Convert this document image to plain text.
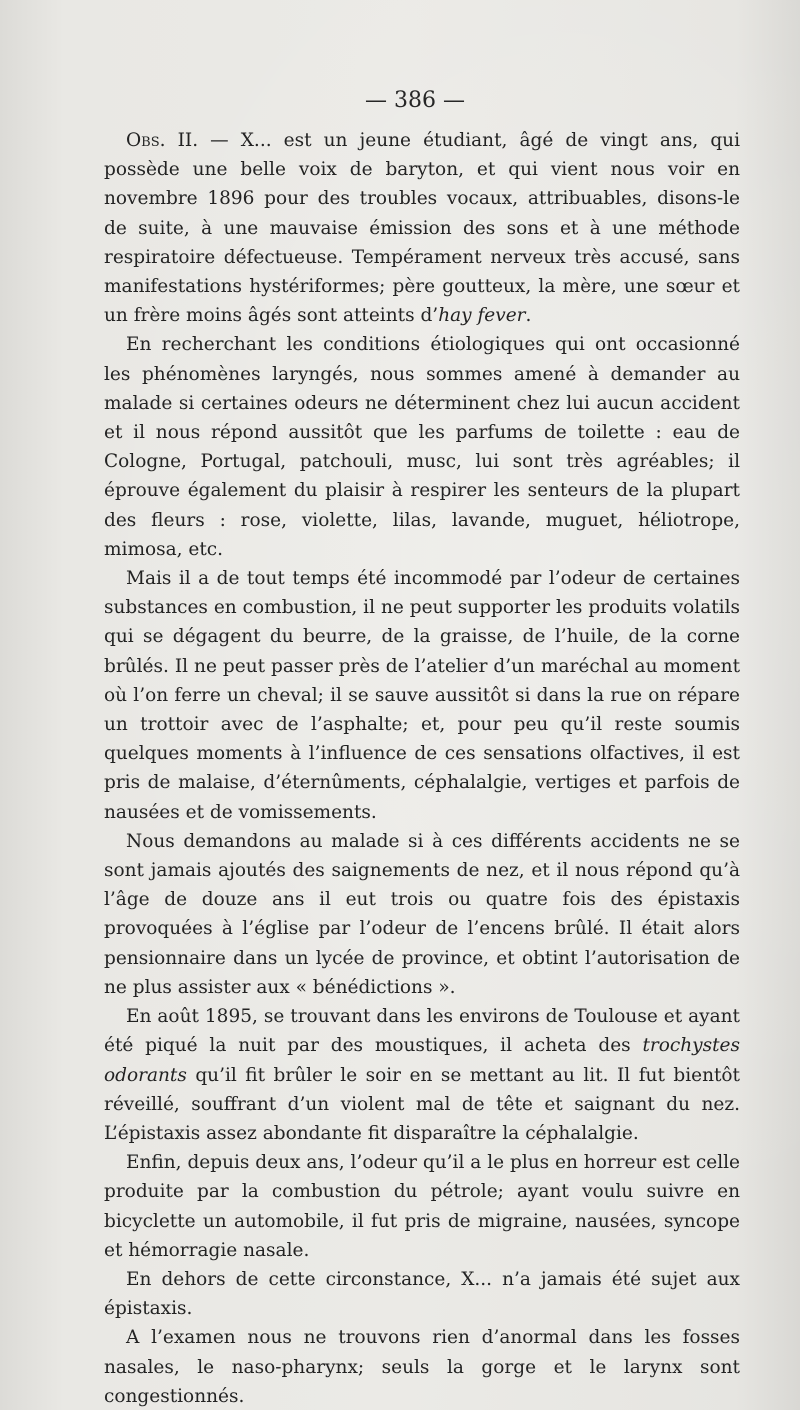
— 386 —

Obs. II. — X... est un jeune étudiant, âgé de vingt ans, qui possède une belle voix de baryton, et qui vient nous voir en novembre 1896 pour des troubles vocaux, attribuables, disons-le de suite, à une mauvaise émission des sons et à une méthode respiratoire défectueuse. Tempérament nerveux très accusé, sans manifestations hystériformes; père goutteux, la mère, une sœur et un frère moins âgés sont atteints d’hay fever.

En recherchant les conditions étiologiques qui ont occasionné les phénomènes laryngés, nous sommes amené à demander au malade si certaines odeurs ne déterminent chez lui aucun accident et il nous répond aussitôt que les parfums de toilette : eau de Cologne, Portugal, patchouli, musc, lui sont très agréables; il éprouve également du plaisir à respirer les senteurs de la plupart des fleurs : rose, violette, lilas, lavande, muguet, héliotrope, mimosa, etc.

Mais il a de tout temps été incommodé par l’odeur de certaines substances en combustion, il ne peut supporter les produits volatils qui se dégagent du beurre, de la graisse, de l’huile, de la corne brûlés. Il ne peut passer près de l’atelier d’un maréchal au moment où l’on ferre un cheval; il se sauve aussitôt si dans la rue on répare un trottoir avec de l’asphalte; et, pour peu qu’il reste soumis quelques moments à l’influence de ces sensations olfactives, il est pris de malaise, d’éternûments, céphalalgie, vertiges et parfois de nausées et de vomissements.

Nous demandons au malade si à ces différents accidents ne se sont jamais ajoutés des saignements de nez, et il nous répond qu’à l’âge de douze ans il eut trois ou quatre fois des épistaxis provoquées à l’église par l’odeur de l’encens brûlé. Il était alors pensionnaire dans un lycée de province, et obtint l’autorisation de ne plus assister aux « bénédictions ».

En août 1895, se trouvant dans les environs de Toulouse et ayant été piqué la nuit par des moustiques, il acheta des trochystes odorants qu’il fit brûler le soir en se mettant au lit. Il fut bientôt réveillé, souffrant d’un violent mal de tête et saignant du nez. L’épistaxis assez abondante fit disparaître la céphalalgie.

Enfin, depuis deux ans, l’odeur qu’il a le plus en horreur est celle produite par la combustion du pétrole; ayant voulu suivre en bicyclette un automobile, il fut pris de migraine, nausées, syncope et hémorragie nasale.

En dehors de cette circonstance, X... n’a jamais été sujet aux épistaxis.

A l’examen nous ne trouvons rien d’anormal dans les fosses nasales, le naso-pharynx; seuls la gorge et le larynx sont congestionnés.
